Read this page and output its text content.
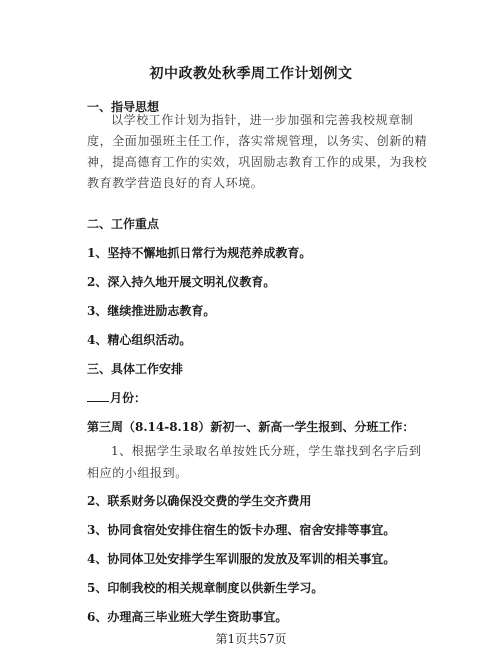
初中政教处秋季周工作计划例文
一、指导思想
以学校工作计划为指针，进一步加强和完善我校规章制度，全面加强班主任工作，落实常规管理，以务实、创新的精神，提高德育工作的实效，巩固励志教育工作的成果，为我校教育教学营造良好的育人环境。
二、工作重点
1、坚持不懈地抓日常行为规范养成教育。
2、深入持久地开展文明礼仪教育。
3、继续推进励志教育。
4、精心组织活动。
三、具体工作安排
月份：
第三周（8.14-8.18）新初一、新高一学生报到、分班工作：
1、根据学生录取名单按姓氏分班，学生靠找到名字后到相应的小组报到。
2、联系财务以确保没交费的学生交齐费用
3、协同食宿处安排住宿生的饭卡办理、宿舍安排等事宜。
4、协同体卫处安排学生军训服的发放及军训的相关事宜。
5、印制我校的相关规章制度以供新生学习。
6、办理高三毕业班大学生资助事宜。
第1页共57页
